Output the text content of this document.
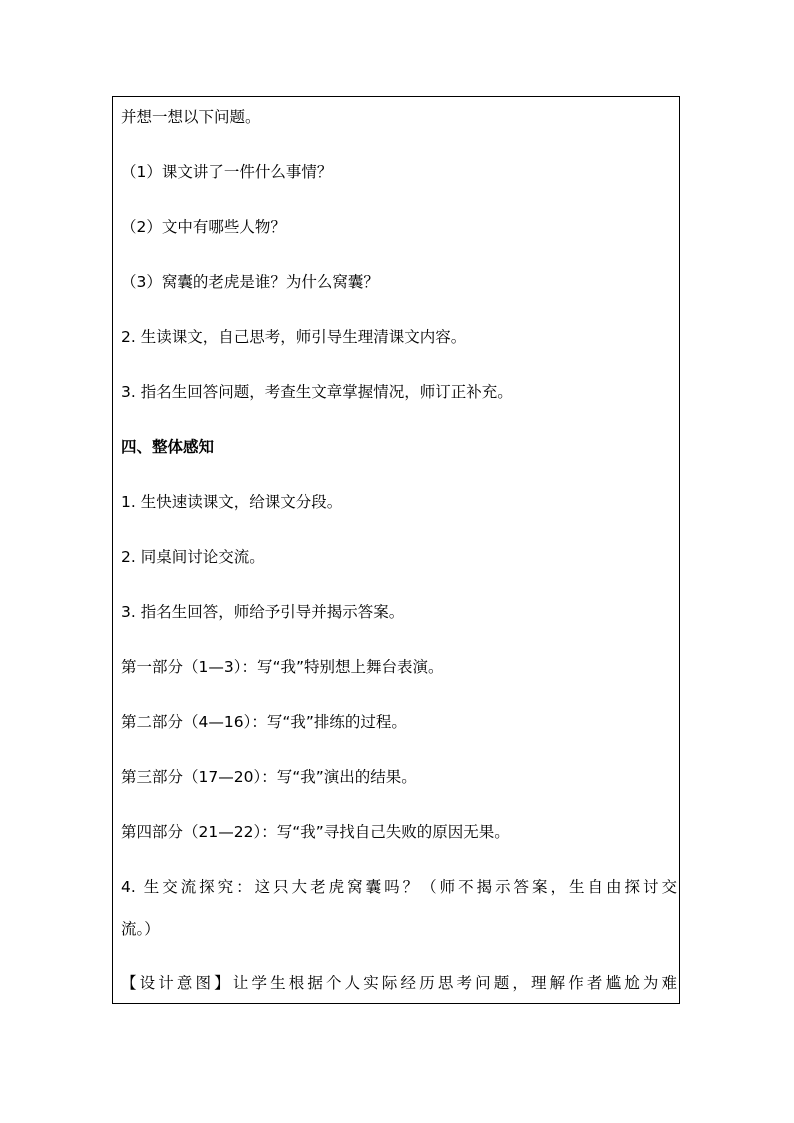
并想一想以下问题。
（1）课文讲了一件什么事情？
（2）文中有哪些人物？
（3）窝囊的老虎是谁？为什么窝囊？
2. 生读课文，自己思考，师引导生理清课文内容。
3. 指名生回答问题，考查生文章掌握情况，师订正补充。
四、整体感知
1. 生快速读课文，给课文分段。
2. 同桌间讨论交流。
3. 指名生回答，师给予引导并揭示答案。
第一部分（1—3）：写“我”特别想上舞台表演。
第二部分（4—16）：写“我”排练的过程。
第三部分（17—20）：写“我”演出的结果。
第四部分（21—22）：写“我”寻找自己失败的原因无果。
4. 生交流探究：这只大老虎窝囊吗？（师不揭示答案，生自由探讨交
流。）
【设计意图】让学生根据个人实际经历思考问题，理解作者尴尬为难
